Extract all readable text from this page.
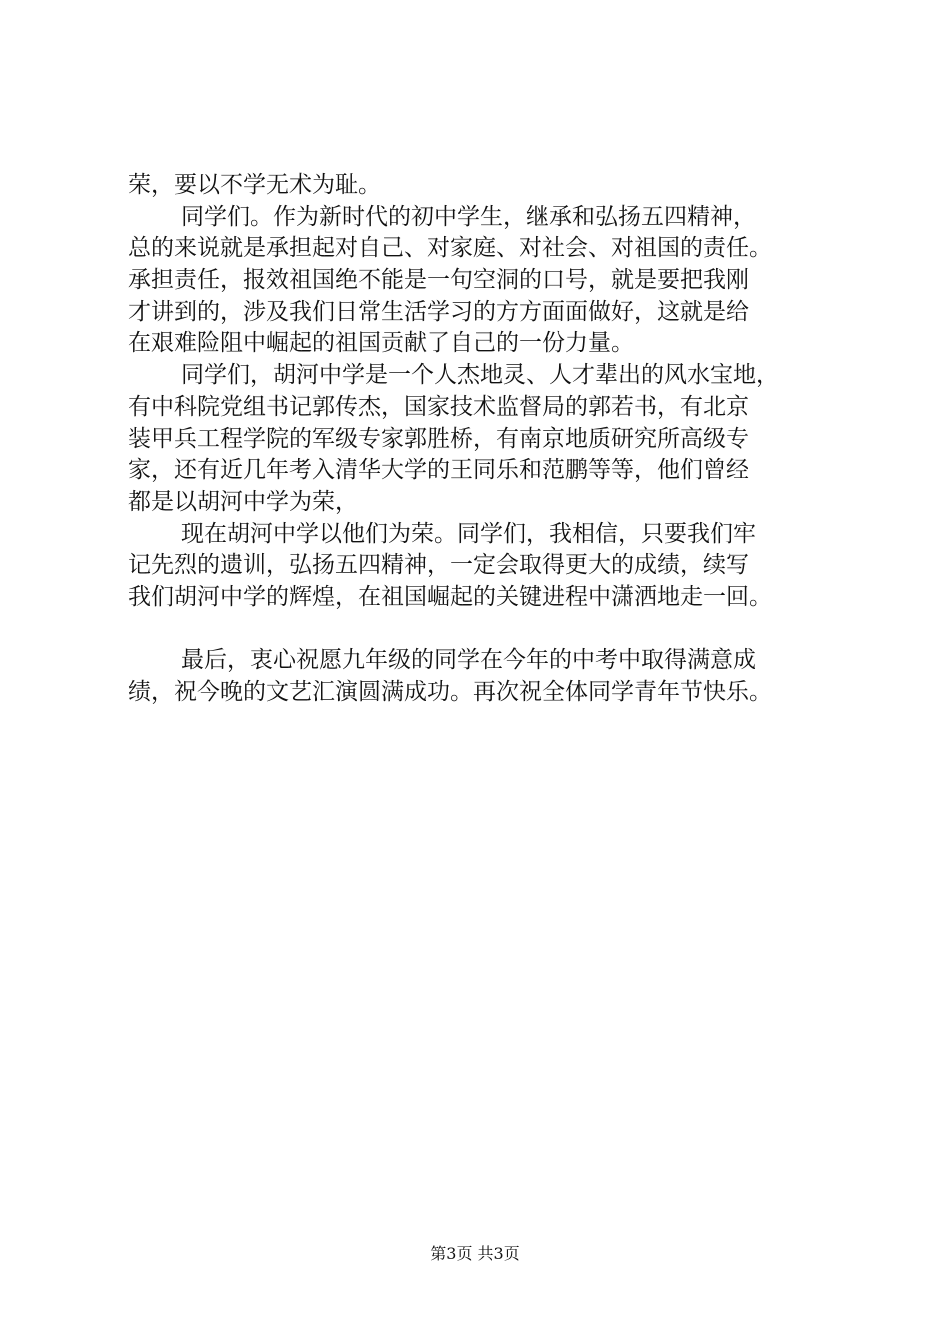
荣，要以不学无术为耻。
同学们。作为新时代的初中学生，继承和弘扬五四精神，
总的来说就是承担起对自己、对家庭、对社会、对祖国的责任。
承担责任，报效祖国绝不能是一句空洞的口号，就是要把我刚
才讲到的，涉及我们日常生活学习的方方面面做好，这就是给
在艰难险阻中崛起的祖国贡献了自己的一份力量。
同学们，胡河中学是一个人杰地灵、人才辈出的风水宝地，
有中科院党组书记郭传杰，国家技术监督局的郭若书，有北京
装甲兵工程学院的军级专家郭胜桥，有南京地质研究所高级专
家，还有近几年考入清华大学的王同乐和范鹏等等，他们曾经
都是以胡河中学为荣，
现在胡河中学以他们为荣。同学们，我相信，只要我们牢
记先烈的遗训，弘扬五四精神，一定会取得更大的成绩，续写
我们胡河中学的辉煌，在祖国崛起的关键进程中潇洒地走一回。
最后，衷心祝愿九年级的同学在今年的中考中取得满意成
绩，祝今晚的文艺汇演圆满成功。再次祝全体同学青年节快乐。
第3页 共3页
